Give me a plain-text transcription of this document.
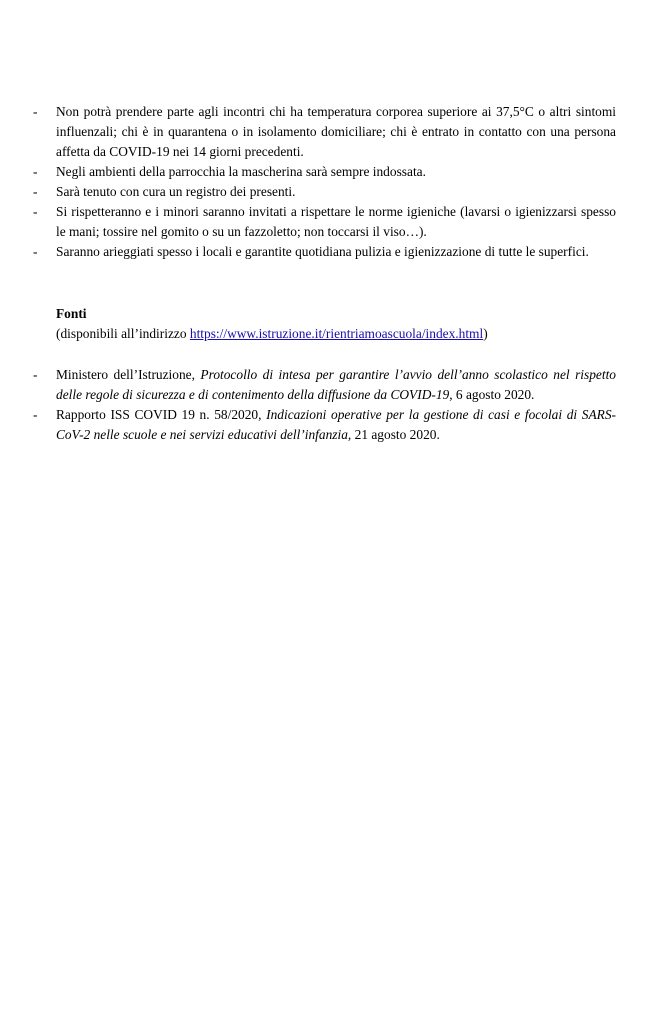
-	Non potrà prendere parte agli incontri chi ha temperatura corporea superiore ai 37,5°C o altri sintomi influenzali; chi è in quarantena o in isolamento domiciliare; chi è entrato in contatto con una persona affetta da COVID-19 nei 14 giorni precedenti.
-	Negli ambienti della parrocchia la mascherina sarà sempre indossata.
-	Sarà tenuto con cura un registro dei presenti.
-	Si rispetteranno e i minori saranno invitati a rispettare le norme igieniche (lavarsi o igienizzarsi spesso le mani; tossire nel gomito o su un fazzoletto; non toccarsi il viso…).
-	Saranno arieggiati spesso i locali e garantite quotidiana pulizia e igienizzazione di tutte le superfici.
Fonti
(disponibili all’indirizzo https://www.istruzione.it/rientriamoascuola/index.html)
-	Ministero dell’Istruzione, Protocollo di intesa per garantire l’avvio dell’anno scolastico nel rispetto delle regole di sicurezza e di contenimento della diffusione da COVID-19, 6 agosto 2020.
-	Rapporto ISS COVID 19 n. 58/2020, Indicazioni operative per la gestione di casi e focolai di SARS-CoV-2 nelle scuole e nei servizi educativi dell’infanzia, 21 agosto 2020.
